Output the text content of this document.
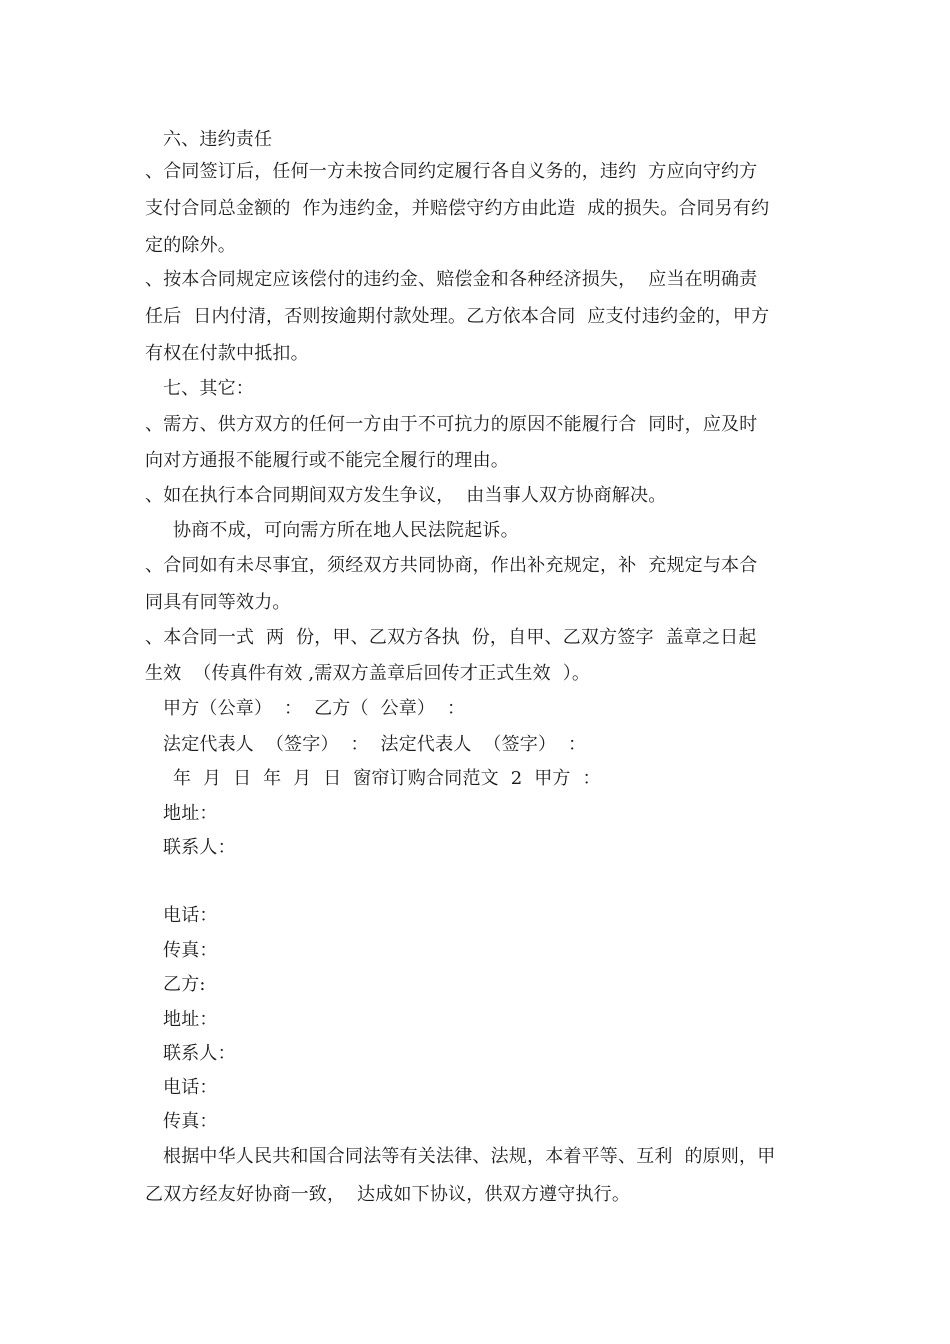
六、违约责任
、合同签订后，任何一方未按合同约定履行各自义务的，违约  方应向守约方
支付合同总金额的  作为违约金，并赔偿守约方由此造  成的损失。合同另有约
定的除外。
、按本合同规定应该偿付的违约金、赔偿金和各种经济损失，  应当在明确责
任后  日内付清，否则按逾期付款处理。乙方依本合同  应支付违约金的，甲方
有权在付款中抵扣。
七、其它：
、需方、供方双方的任何一方由于不可抗力的原因不能履行合  同时，应及时
向对方通报不能履行或不能完全履行的理由。
、如在执行本合同期间双方发生争议，  由当事人双方协商解决。
协商不成，可向需方所在地人民法院起诉。
、合同如有未尽事宜，须经双方共同协商，作出补充规定，补  充规定与本合
同具有同等效力。
、本合同一式  两  份，甲、乙双方各执  份，自甲、乙双方签字  盖章之日起
生效  （传真件有效 ,需双方盖章后回传才正式生效  ）。
甲方（公章）  ：  乙方（  公章）  ：
法定代表人  （签字）  ：  法定代表人  （签字）  ：
年  月  日  年  月  日  窗帘订购合同范文  2  甲方  ：
地址：
联系人：
电话：
传真：
乙方:
地址：
联系人：
电话：
传真：
根据中华人民共和国合同法等有关法律、法规，本着平等、互利  的原则，甲
乙双方经友好协商一致，  达成如下协议，供双方遵守执行。
